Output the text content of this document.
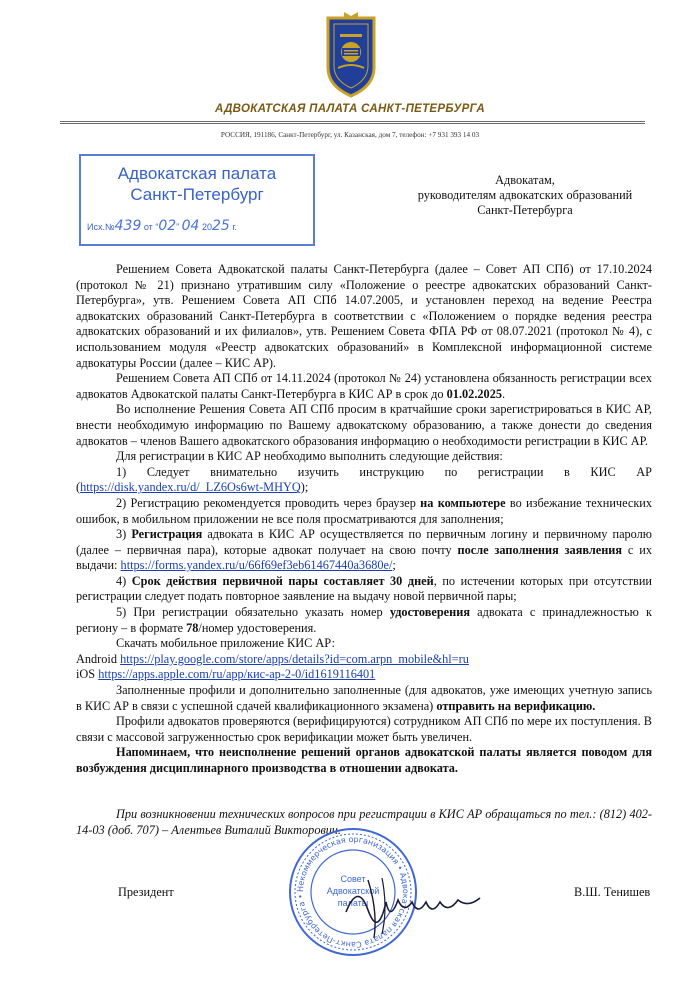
АДВОКАТСКАЯ ПАЛАТА САНКТ-ПЕТЕРБУРГА
РОССИЯ, 191186, Санкт-Петербург, ул. Казанская, дом 7, телефон: +7 931 393 14 03
Адвокатская палата
Санкт-Петербург
Исх.№439 от “02” 04 2025 г.
Адвокатам,
руководителям адвокатских образований
Санкт-Петербурга

Решением Совета Адвокатской палаты Санкт-Петербурга (далее – Совет АП СПб) от 17.10.2024 (протокол № 21) признано утратившим силу «Положение о реестре адвокатских образований Санкт-Петербурга», утв. Решением Совета АП СПб 14.07.2005, и установлен переход на ведение Реестра адвокатских образований Санкт-Петербурга в соответствии с «Положением о порядке ведения реестра адвокатских образований и их филиалов», утв. Решением Совета ФПА РФ от 08.07.2021 (протокол № 4), с использованием модуля «Реестр адвокатских образований» в Комплексной информационной системе адвокатуры России (далее – КИС АР).

Решением Совета АП СПб от 14.11.2024 (протокол № 24) установлена обязанность регистрации всех адвокатов Адвокатской палаты Санкт-Петербурга в КИС АР в срок до 01.02.2025.

Во исполнение Решения Совета АП СПб просим в кратчайшие сроки зарегистрироваться в КИС АР, внести необходимую информацию по Вашему адвокатскому образованию, а также донести до сведения адвокатов – членов Вашего адвокатского образования информацию о необходимости регистрации в КИС АР.

Для регистрации в КИС АР необходимо выполнить следующие действия:

1) Следует внимательно изучить инструкцию по регистрации в КИС АР (https://disk.yandex.ru/d/_LZ6Os6wt-MHYQ);

2) Регистрацию рекомендуется проводить через браузер на компьютере во избежание технических ошибок, в мобильном приложении не все поля просматриваются для заполнения;

3) Регистрация адвоката в КИС АР осуществляется по первичным логину и первичному паролю (далее – первичная пара), которые адвокат получает на свою почту после заполнения заявления с их выдачи: https://forms.yandex.ru/u/66f69ef3eb61467440a3680e/;

4) Срок действия первичной пары составляет 30 дней, по истечении которых при отсутствии регистрации следует подать повторное заявление на выдачу новой первичной пары;

5) При регистрации обязательно указать номер удостоверения адвоката с принадлежностью к региону – в формате 78/номер удостоверения.

Скачать мобильное приложение КИС АР:

Android https://play.google.com/store/apps/details?id=com.arpn_mobile&hl=ru

iOS https://apps.apple.com/ru/app/кис-ар-2-0/id1619116401

Заполненные профили и дополнительно заполненные (для адвокатов, уже имеющих учетную запись в КИС АР в связи с успешной сдачей квалификационного экзамена) отправить на верификацию.

Профили адвокатов проверяются (верифицируются) сотрудником АП СПб по мере их поступления. В связи с массовой загруженностью срок верификации может быть увеличен.

Напоминаем, что неисполнение решений органов адвокатской палаты является поводом для возбуждения дисциплинарного производства в отношении адвоката.

При возникновении технических вопросов при регистрации в КИС АР обращаться по тел.: (812) 402-14-03 (доб. 707) – Алентьев Виталий Викторович.
Некоммерческая организация • Адвокатская палата Санкт-Петербурга •
Совет
Адвокатской
палаты
Президент	В.Ш. Тенишев
